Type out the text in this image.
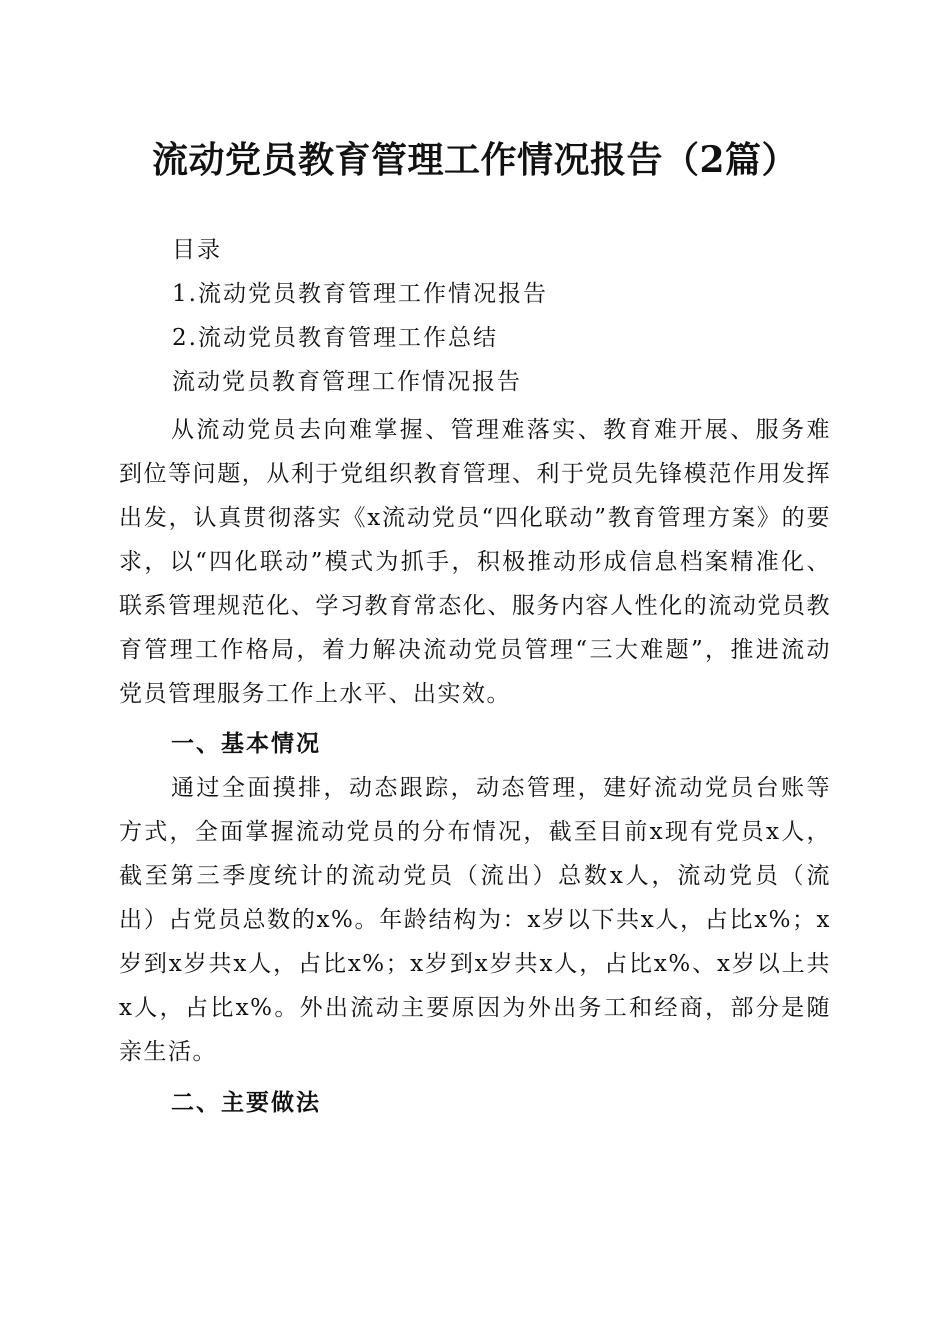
流动党员教育管理工作情况报告（2篇）
目录
1.流动党员教育管理工作情况报告
2.流动党员教育管理工作总结
流动党员教育管理工作情况报告

从流动党员去向难掌握、管理难落实、教育难开展、服务难到位等问题，从利于党组织教育管理、利于党员先锋模范作用发挥出发，认真贯彻落实《x流动党员“四化联动”教育管理方案》的要求，以“四化联动”模式为抓手，积极推动形成信息档案精准化、联系管理规范化、学习教育常态化、服务内容人性化的流动党员教育管理工作格局，着力解决流动党员管理“三大难题”，推进流动党员管理服务工作上水平、出实效。

一、基本情况

通过全面摸排，动态跟踪，动态管理，建好流动党员台账等方式，全面掌握流动党员的分布情况，截至目前x现有党员x人，截至第三季度统计的流动党员（流出）总数x人，流动党员（流出）占党员总数的x%。年龄结构为：x岁以下共x人，占比x%；x岁到x岁共x人，占比x%；x岁到x岁共x人，占比x%、x岁以上共x人，占比x%。外出流动主要原因为外出务工和经商，部分是随亲生活。

二、主要做法
